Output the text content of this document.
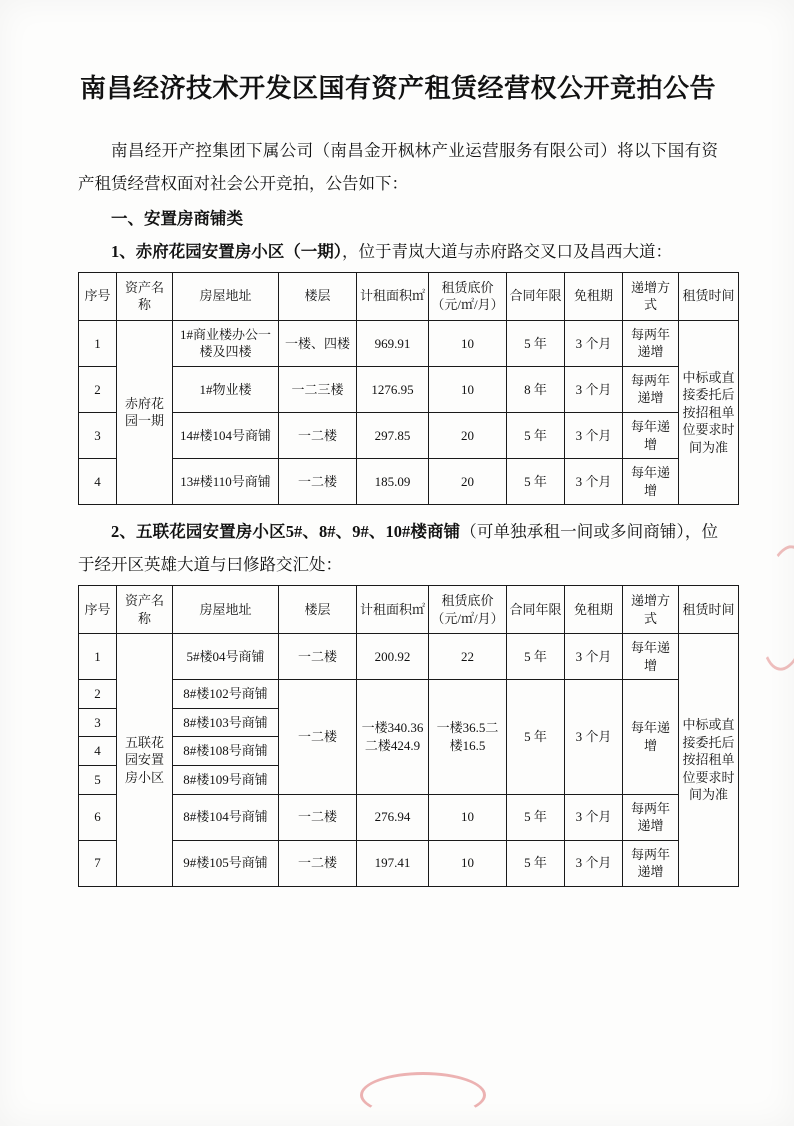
南昌经济技术开发区国有资产租赁经营权公开竞拍公告

南昌经开产控集团下属公司（南昌金开枫林产业运营服务有限公司）将以下国有资产租赁经营权面对社会公开竞拍，公告如下：

一、安置房商铺类

1、赤府花园安置房小区（一期），位于青岚大道与赤府路交叉口及昌西大道：

序号	资产名称	房屋地址	楼层	计租面积㎡	租赁底价（元/㎡/月）	合同年限	免租期	递增方式	租赁时间
1	赤府花园一期	1#商业楼办公一楼及四楼	一楼、四楼	969.91	10	5 年	3 个月	每两年递增	中标或直接委托后按招租单位要求时间为准
2		1#物业楼	一二三楼	1276.95	10	8 年	3 个月	每两年递增	
3		14#楼104号商铺	一二楼	297.85	20	5 年	3 个月	每年递增	
4		13#楼110号商铺	一二楼	185.09	20	5 年	3 个月	每年递增	

2、五联花园安置房小区5#、8#、9#、10#楼商铺（可单独承租一间或多间商铺），位于经开区英雄大道与曰修路交汇处：

序号	资产名称	房屋地址	楼层	计租面积㎡	租赁底价（元/㎡/月）	合同年限	免租期	递增方式	租赁时间
1	五联花园安置房小区	5#楼04号商铺	一二楼	200.92	22	5 年	3 个月	每年递增	中标或直接委托后按招租单位要求时间为准
2		8#楼102号商铺	一二楼	一楼340.36二楼424.9	一楼36.5二楼16.5	5 年	3 个月	每年递增	
3		8#楼103号商铺							
4		8#楼108号商铺							
5		8#楼109号商铺							
6		8#楼104号商铺	一二楼	276.94	10	5 年	3 个月	每两年递增	
7		9#楼105号商铺	一二楼	197.41	10	5 年	3 个月	每两年递增	
